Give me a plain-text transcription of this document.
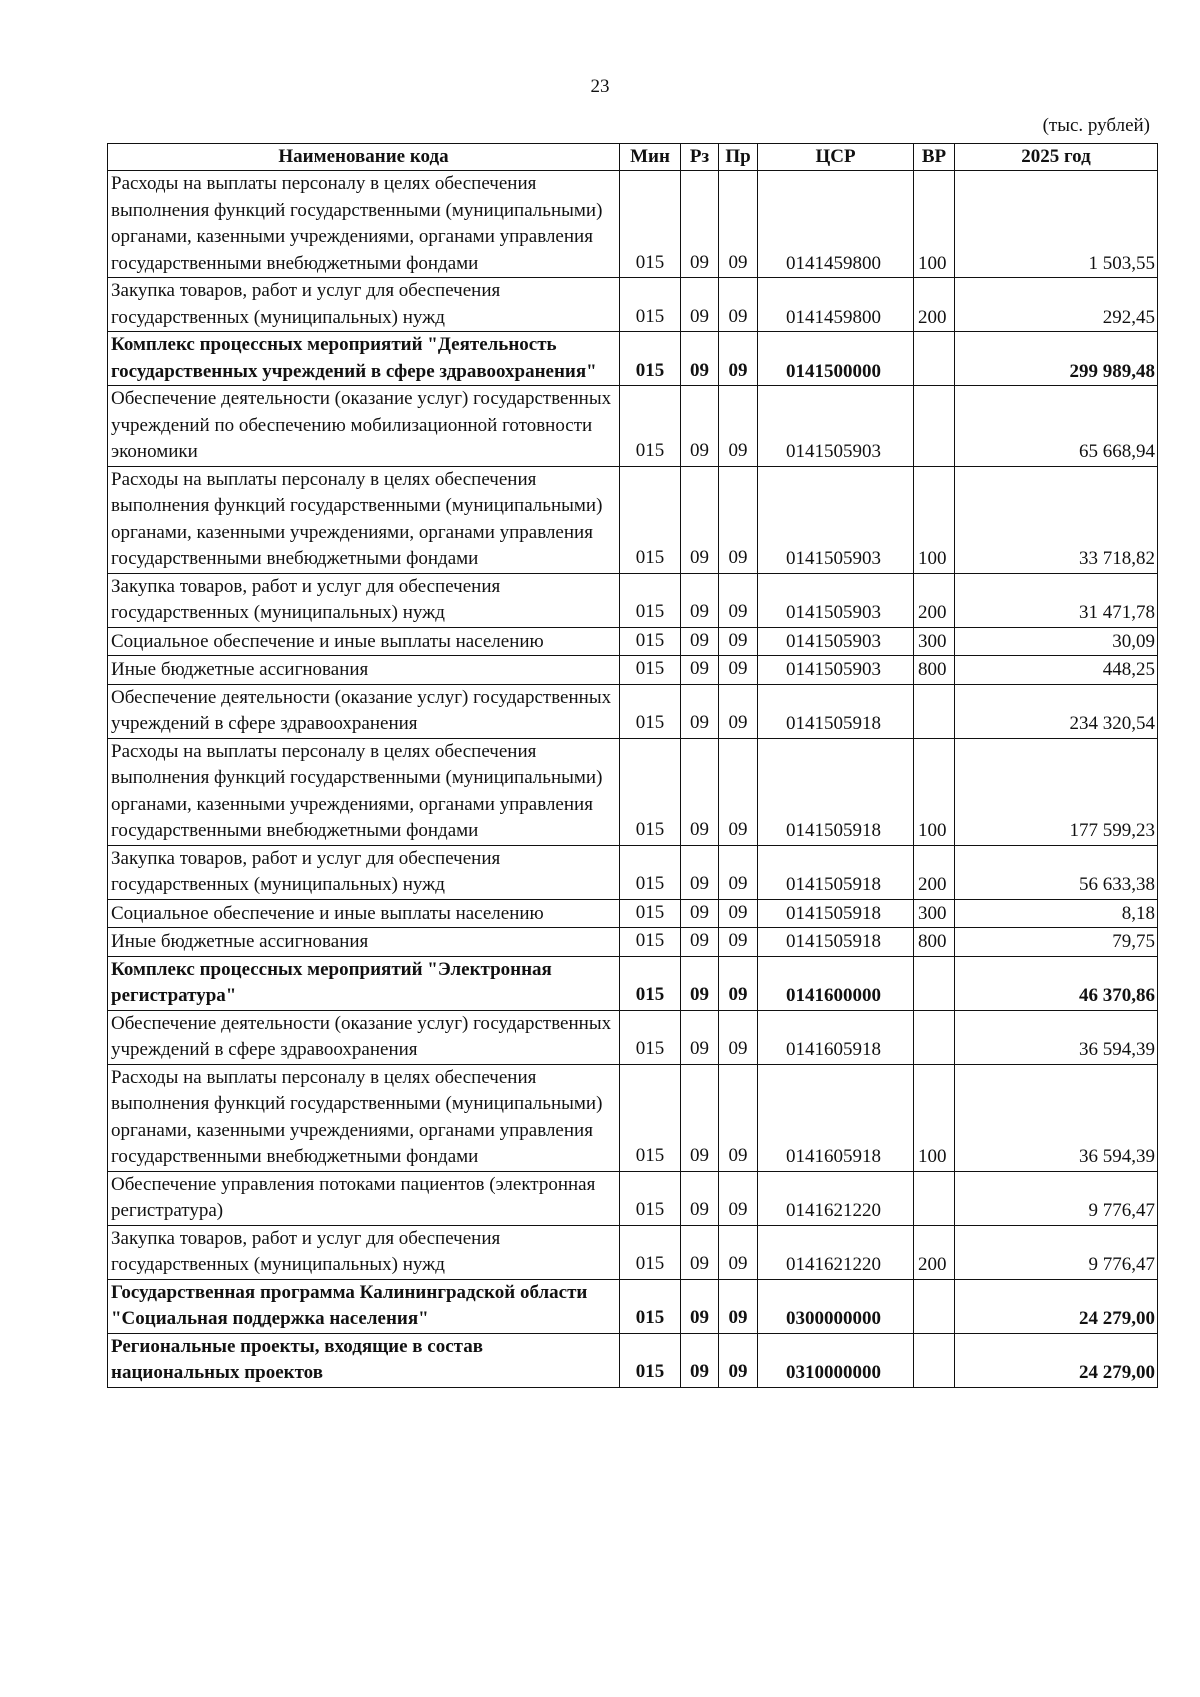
23
(тыс. рублей)
Наименование кода	Мин	Рз	Пр	ЦСР	ВР	2025 год
Расходы на выплаты персоналу в целях обеспечения выполнения функций государственными (муниципальными) органами, казенными учреждениями, органами управления государственными внебюджетными фондами	015	09	09	0141459800	100	1 503,55
Закупка товаров, работ и услуг для обеспечения государственных (муниципальных) нужд	015	09	09	0141459800	200	292,45
Комплекс процессных мероприятий "Деятельность государственных учреждений в сфере здравоохранения"	015	09	09	0141500000		299 989,48
Обеспечение деятельности (оказание услуг) государственных учреждений по обеспечению мобилизационной готовности экономики	015	09	09	0141505903		65 668,94
Расходы на выплаты персоналу в целях обеспечения выполнения функций государственными (муниципальными) органами, казенными учреждениями, органами управления государственными внебюджетными фондами	015	09	09	0141505903	100	33 718,82
Закупка товаров, работ и услуг для обеспечения государственных (муниципальных) нужд	015	09	09	0141505903	200	31 471,78
Социальное обеспечение и иные выплаты населению	015	09	09	0141505903	300	30,09
Иные бюджетные ассигнования	015	09	09	0141505903	800	448,25
Обеспечение деятельности (оказание услуг) государственных учреждений в сфере здравоохранения	015	09	09	0141505918		234 320,54
Расходы на выплаты персоналу в целях обеспечения выполнения функций государственными (муниципальными) органами, казенными учреждениями, органами управления государственными внебюджетными фондами	015	09	09	0141505918	100	177 599,23
Закупка товаров, работ и услуг для обеспечения государственных (муниципальных) нужд	015	09	09	0141505918	200	56 633,38
Социальное обеспечение и иные выплаты населению	015	09	09	0141505918	300	8,18
Иные бюджетные ассигнования	015	09	09	0141505918	800	79,75
Комплекс процессных мероприятий "Электронная регистратура"	015	09	09	0141600000		46 370,86
Обеспечение деятельности (оказание услуг) государственных учреждений в сфере здравоохранения	015	09	09	0141605918		36 594,39
Расходы на выплаты персоналу в целях обеспечения выполнения функций государственными (муниципальными) органами, казенными учреждениями, органами управления государственными внебюджетными фондами	015	09	09	0141605918	100	36 594,39
Обеспечение управления потоками пациентов (электронная регистратура)	015	09	09	0141621220		9 776,47
Закупка товаров, работ и услуг для обеспечения государственных (муниципальных) нужд	015	09	09	0141621220	200	9 776,47
Государственная программа Калининградской области "Социальная поддержка населения"	015	09	09	0300000000		24 279,00
Региональные проекты, входящие в состав национальных проектов	015	09	09	0310000000		24 279,00
